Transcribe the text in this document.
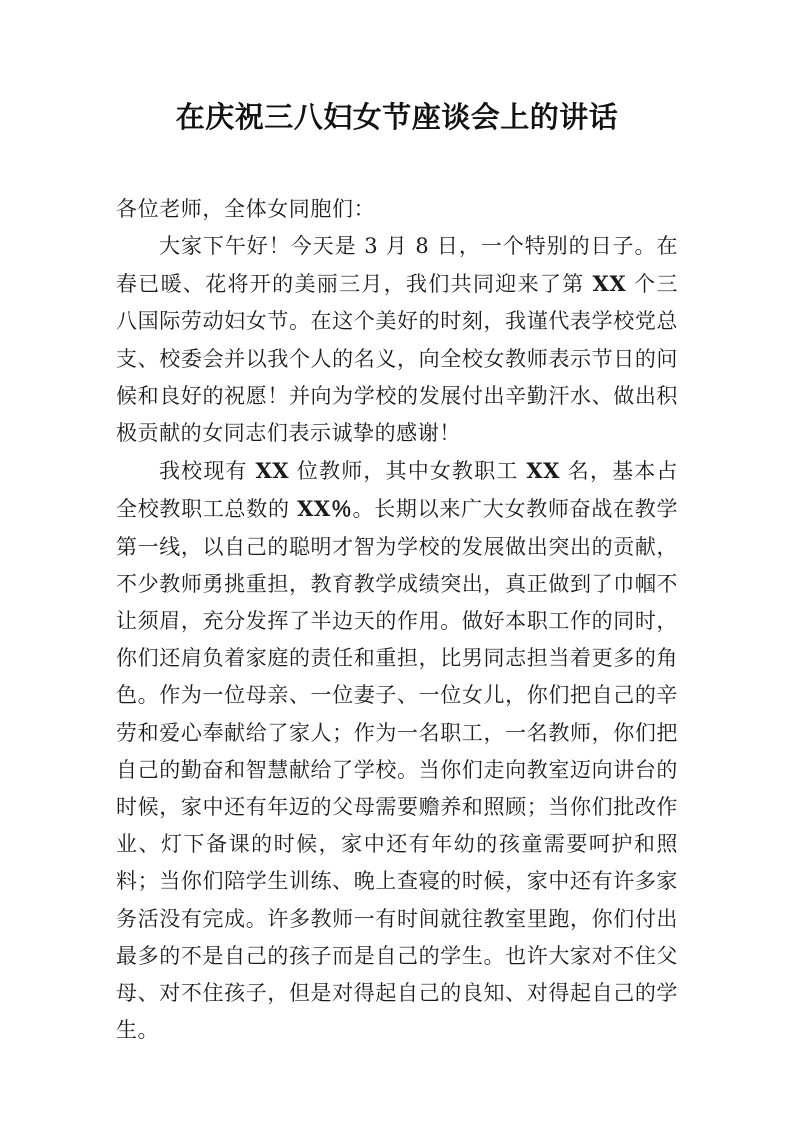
在庆祝三八妇女节座谈会上的讲话

各位老师，全体女同胞们：

大家下午好！今天是 3 月 8 日，一个特别的日子。在春已暖、花将开的美丽三月，我们共同迎来了第 XX 个三八国际劳动妇女节。在这个美好的时刻，我谨代表学校党总支、校委会并以我个人的名义，向全校女教师表示节日的问候和良好的祝愿！并向为学校的发展付出辛勤汗水、做出积极贡献的女同志们表示诚挚的感谢！

我校现有 XX 位教师，其中女教职工 XX 名，基本占全校教职工总数的 XX％。长期以来广大女教师奋战在教学第一线，以自己的聪明才智为学校的发展做出突出的贡献，不少教师勇挑重担，教育教学成绩突出，真正做到了巾帼不让须眉，充分发挥了半边天的作用。做好本职工作的同时，你们还肩负着家庭的责任和重担，比男同志担当着更多的角色。作为一位母亲、一位妻子、一位女儿，你们把自己的辛劳和爱心奉献给了家人；作为一名职工，一名教师，你们把自己的勤奋和智慧献给了学校。当你们走向教室迈向讲台的时候，家中还有年迈的父母需要赡养和照顾；当你们批改作业、灯下备课的时候，家中还有年幼的孩童需要呵护和照料；当你们陪学生训练、晚上查寝的时候，家中还有许多家务活没有完成。许多教师一有时间就往教室里跑，你们付出最多的不是自己的孩子而是自己的学生。也许大家对不住父母、对不住孩子，但是对得起自己的良知、对得起自己的学生。
